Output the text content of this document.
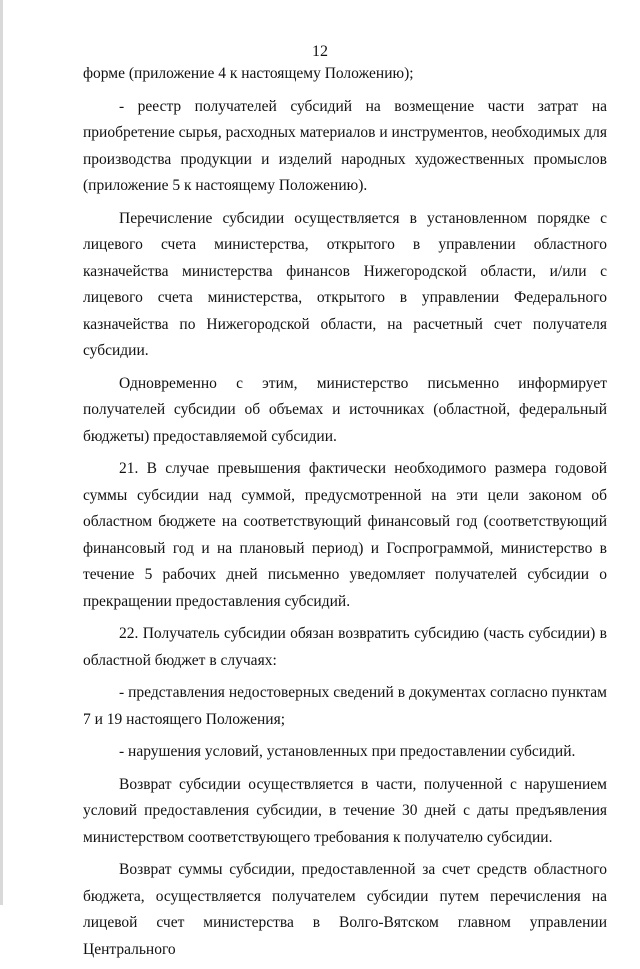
12

форме (приложение 4 к настоящему Положению);

- реестр получателей субсидий на возмещение части затрат на приобретение сырья, расходных материалов и инструментов, необходимых для производства продукции и изделий народных художественных промыслов (приложение 5 к настоящему Положению).

Перечисление субсидии осуществляется в установленном порядке с лицевого счета министерства, открытого в управлении областного казначейства министерства финансов Нижегородской области, и/или с лицевого счета министерства, открытого в управлении Федерального казначейства по Нижегородской области, на расчетный счет получателя субсидии.

Одновременно с этим, министерство письменно информирует получателей субсидии об объемах и источниках (областной, федеральный бюджеты) предоставляемой субсидии.

21. В случае превышения фактически необходимого размера годовой суммы субсидии над суммой, предусмотренной на эти цели законом об областном бюджете на соответствующий финансовый год (соответствующий финансовый год и на плановый период) и Госпрограммой, министерство в течение 5 рабочих дней письменно уведомляет получателей субсидии о прекращении предоставления субсидий.

22. Получатель субсидии обязан возвратить субсидию (часть субсидии) в областной бюджет в случаях:

- представления недостоверных сведений в документах согласно пунктам 7 и 19 настоящего Положения;

- нарушения условий, установленных при предоставлении субсидий.

Возврат субсидии осуществляется в части, полученной с нарушением условий предоставления субсидии, в течение 30 дней с даты предъявления министерством соответствующего требования к получателю субсидии.

Возврат суммы субсидии, предоставленной за счет средств областного бюджета, осуществляется получателем субсидии путем перечисления на лицевой счет министерства в Волго-Вятском главном управлении Центрального
